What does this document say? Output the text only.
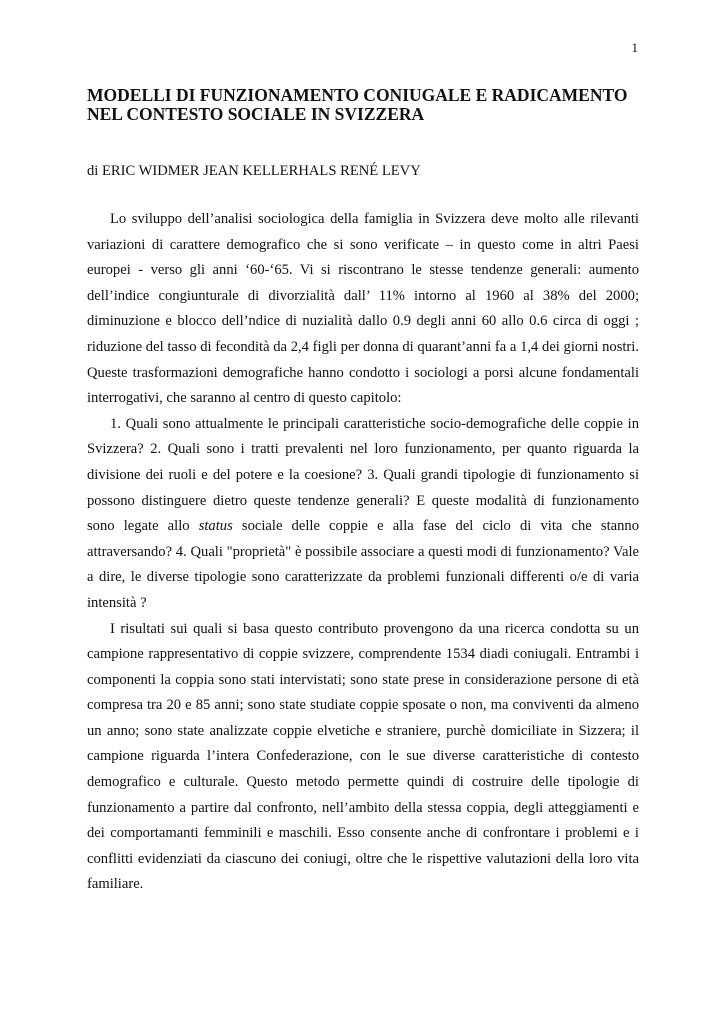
1
MODELLI DI FUNZIONAMENTO CONIUGALE E RADICAMENTO
NEL CONTESTO SOCIALE IN SVIZZERA

di ERIC WIDMER JEAN KELLERHALS RENÉ LEVY

Lo sviluppo dell’analisi sociologica della famiglia in Svizzera deve molto alle rilevanti variazioni di carattere demografico che si sono verificate – in questo come in altri Paesi europei - verso gli anni ‘60-‘65. Vi si riscontrano le stesse tendenze generali: aumento dell’indice congiunturale di divorzialità dall’ 11% intorno al 1960 al 38% del 2000; diminuzione e blocco dell’ndice di nuzialità dallo 0.9 degli anni 60 allo 0.6 circa di oggi ; riduzione del tasso di fecondità da 2,4 figli per donna di quarant’anni fa a 1,4 dei giorni nostri. Queste trasformazioni demografiche hanno condotto i sociologi a porsi alcune fondamentali interrogativi, che saranno al centro di questo capitolo:

1. Quali sono attualmente le principali caratteristiche socio-demografiche delle coppie in Svizzera? 2. Quali sono i tratti prevalenti nel loro funzionamento, per quanto riguarda la divisione dei ruoli e del potere e la coesione? 3. Quali grandi tipologie di funzionamento si possono distinguere dietro queste tendenze generali? E queste modalità di funzionamento sono legate allo status sociale delle coppie e alla fase del ciclo di vita che stanno attraversando? 4. Quali "proprietà" è possibile associare a questi modi di funzionamento? Vale a dire, le diverse tipologie sono caratterizzate da problemi funzionali differenti o/e di varia intensità ?

I risultati sui quali si basa questo contributo provengono da una ricerca condotta su un campione rappresentativo di coppie svizzere, comprendente 1534 diadi coniugali. Entrambi i componenti la coppia sono stati intervistati; sono state prese in considerazione persone di età compresa tra 20 e 85 anni; sono state studiate coppie sposate o non, ma conviventi da almeno un anno; sono state analizzate coppie elvetiche e straniere, purchè domiciliate in Sizzera; il campione riguarda l’intera Confederazione, con le sue diverse caratteristiche di contesto demografico e culturale. Questo metodo permette quindi di costruire delle tipologie di funzionamento a partire dal confronto, nell’ambito della stessa coppia, degli atteggiamenti e dei comportamanti femminili e maschili. Esso consente anche di confrontare i problemi e i conflitti evidenziati da ciascuno dei coniugi, oltre che le rispettive valutazioni della loro vita familiare.
